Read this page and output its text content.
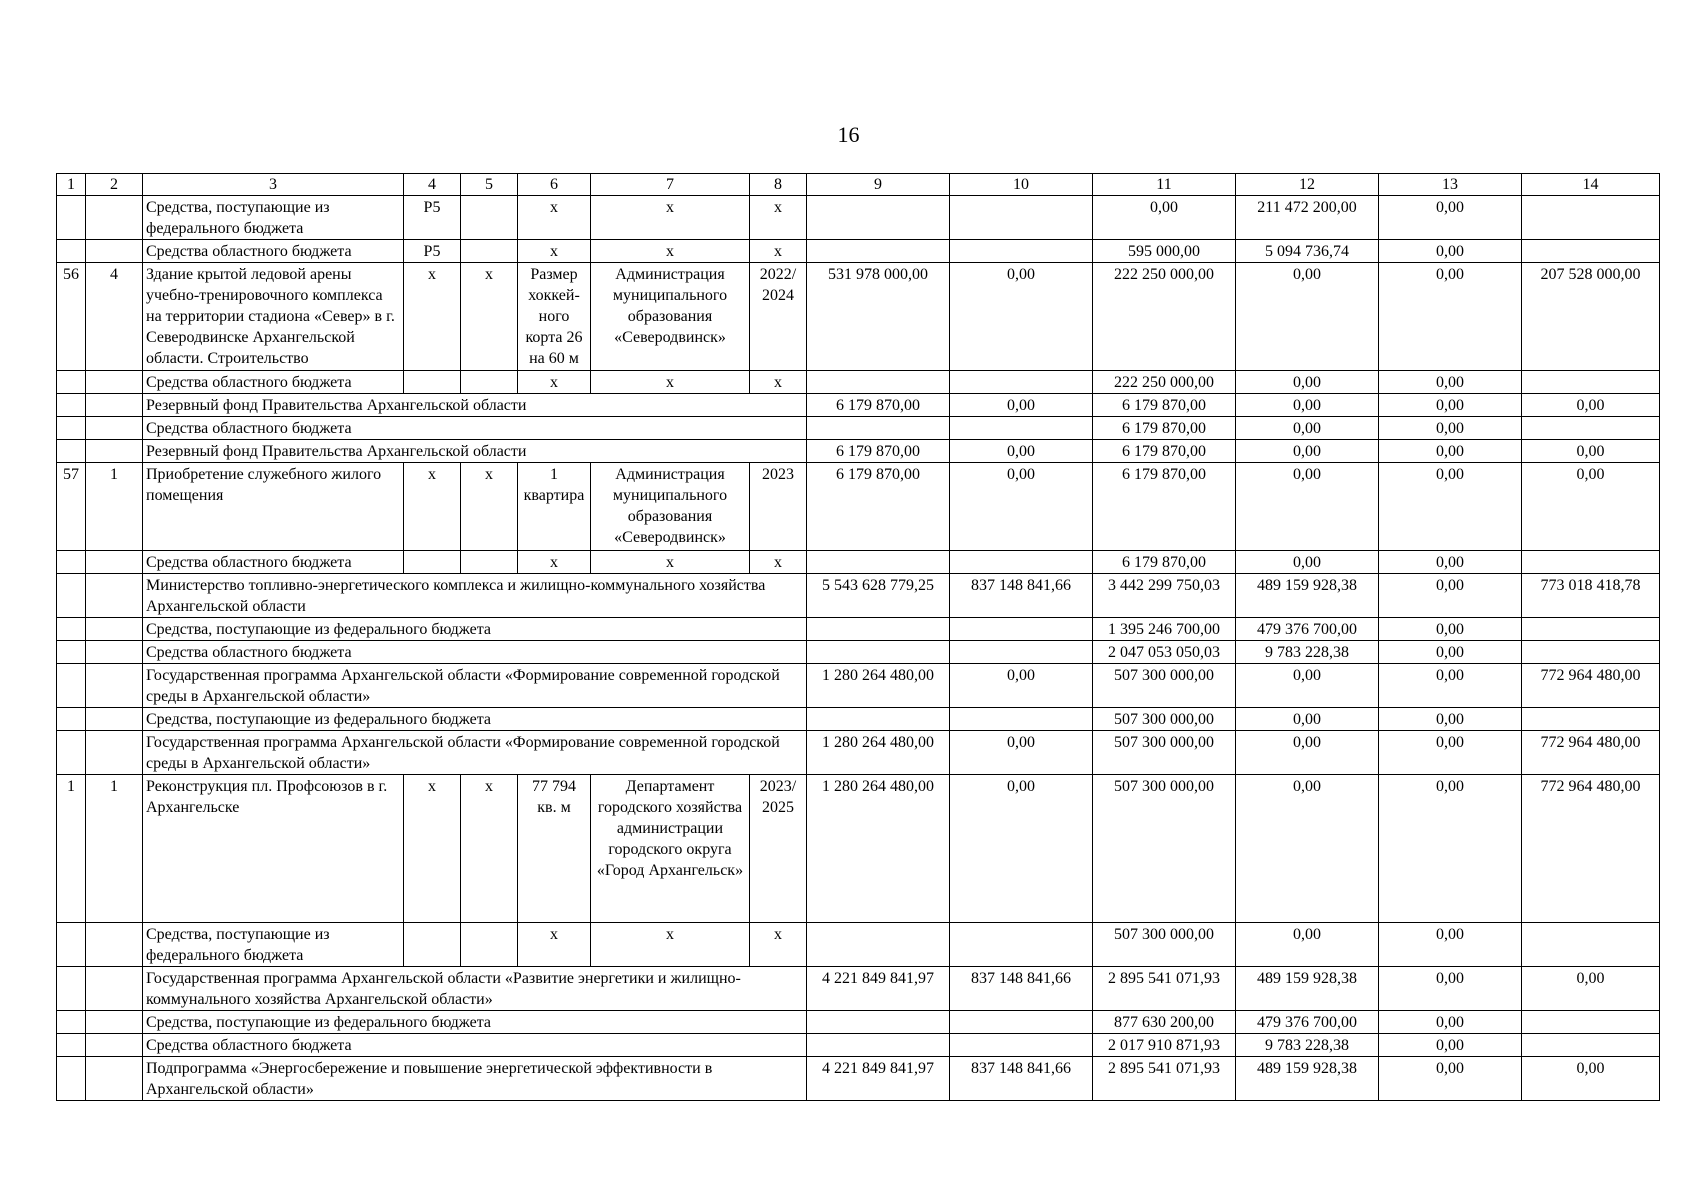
16
1	2	3	4	5	6	7	8	9	10	11	12	13	14
		Средства, поступающие из федерального бюджета	Р5		х	х	х			0,00	211 472 200,00	0,00	
		Средства областного бюджета	Р5		х	х	х			595 000,00	5 094 736,74	0,00	
56	4	Здание крытой ледовой арены учебно-тренировочного комплекса на территории стадиона «Север» в г. Северодвинске Архангельской области. Строительство	х	х	Размер хоккей-ного корта 26 на 60 м	Администрация муниципального образования «Северодвинск»	2022/ 2024	531 978 000,00	0,00	222 250 000,00	0,00	0,00	207 528 000,00
		Средства областного бюджета			х	х	х			222 250 000,00	0,00	0,00	
		Резервный фонд Правительства Архангельской области						6 179 870,00	0,00	6 179 870,00	0,00	0,00	0,00
		Средства областного бюджета								6 179 870,00	0,00	0,00	
		Резервный фонд Правительства Архангельской области						6 179 870,00	0,00	6 179 870,00	0,00	0,00	0,00
57	1	Приобретение служебного жилого помещения	х	х	1 квартира	Администрация муниципального образования «Северодвинск»	2023	6 179 870,00	0,00	6 179 870,00	0,00	0,00	0,00
		Средства областного бюджета			х	х	х			6 179 870,00	0,00	0,00	
		Министерство топливно-энергетического комплекса и жилищно-коммунального хозяйства Архангельской области						5 543 628 779,25	837 148 841,66	3 442 299 750,03	489 159 928,38	0,00	773 018 418,78
		Средства, поступающие из федерального бюджета								1 395 246 700,00	479 376 700,00	0,00	
		Средства областного бюджета								2 047 053 050,03	9 783 228,38	0,00	
		Государственная программа Архангельской области «Формирование современной городской среды в Архангельской области»						1 280 264 480,00	0,00	507 300 000,00	0,00	0,00	772 964 480,00
		Средства, поступающие из федерального бюджета								507 300 000,00	0,00	0,00	
		Государственная программа Архангельской области «Формирование современной городской среды в Архангельской области»						1 280 264 480,00	0,00	507 300 000,00	0,00	0,00	772 964 480,00
1	1	Реконструкция пл. Профсоюзов в г. Архангельске	х	х	77 794 кв. м	Департамент городского хозяйства администрации городского округа «Город Архангельск»	2023/ 2025	1 280 264 480,00	0,00	507 300 000,00	0,00	0,00	772 964 480,00
		Средства, поступающие из федерального бюджета			х	х	х			507 300 000,00	0,00	0,00	
		Государственная программа Архангельской области «Развитие энергетики и жилищно-коммунального хозяйства Архангельской области»						4 221 849 841,97	837 148 841,66	2 895 541 071,93	489 159 928,38	0,00	0,00
		Средства, поступающие из федерального бюджета								877 630 200,00	479 376 700,00	0,00	
		Средства областного бюджета								2 017 910 871,93	9 783 228,38	0,00	
		Подпрограмма «Энергосбережение и повышение энергетической эффективности в Архангельской области»						4 221 849 841,97	837 148 841,66	2 895 541 071,93	489 159 928,38	0,00	0,00
